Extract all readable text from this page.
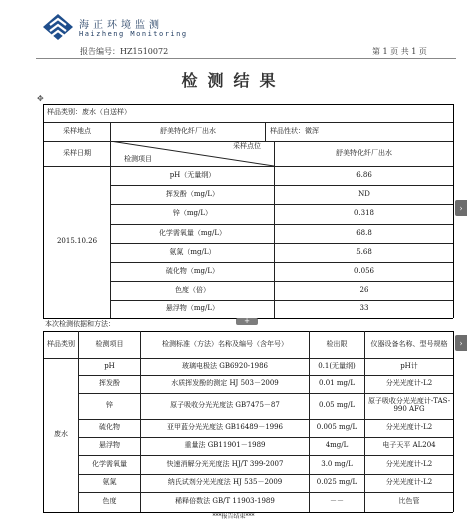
海正环境监测
Haizheng Monitoring
报告编号：HZ1510072	第 1 页 共 1 页
检测结果
✥
样品类别：废水（自送样）
采样地点	舒美特化纤厂出水	样品性状：微浑
采样日期
采样点位
检测项目
舒美特化纤厂出水
2015.10.26
pH（无量纲）	6.86
挥发酚（mg/L）	ND
锌（mg/L）	0.318
化学需氧量（mg/L）	68.8
氨氮（mg/L）	5.68
硫化物（mg/L）	0.056
色度（倍）	26
悬浮物（mg/L）	33
›
+
本次检测依据和方法：
样品类别	检测项目	检测标准（方法）名称及编号（含年号）	检出限	仪器设备名称、型号规格
废水
pH	玻璃电极法 GB6920-1986	0.1(无量纲)	pH计
挥发酚	水质挥发酚的测定 HJ 503－2009	0.01 mg/L	分光光度计-L2
锌	原子吸收分光光度法 GB7475－87	0.05 mg/L	原子吸收分光光度计-TAS-990 AFG
硫化物	亚甲蓝分光光度法 GB16489－1996	0.005 mg/L	分光光度计-L2
悬浮物	重量法 GB11901－1989	4mg/L	电子天平 AL204
化学需氧量	快速消解分光光度法 HJ/T 399-2007	3.0 mg/L	分光光度计-L2
氨氮	纳氏试剂分光光度法 HJ 535－2009	0.025 mg/L	分光光度计-L2
色度	稀释倍数法 GB/T 11903-1989	－－	比色管
›
***报告结束***
